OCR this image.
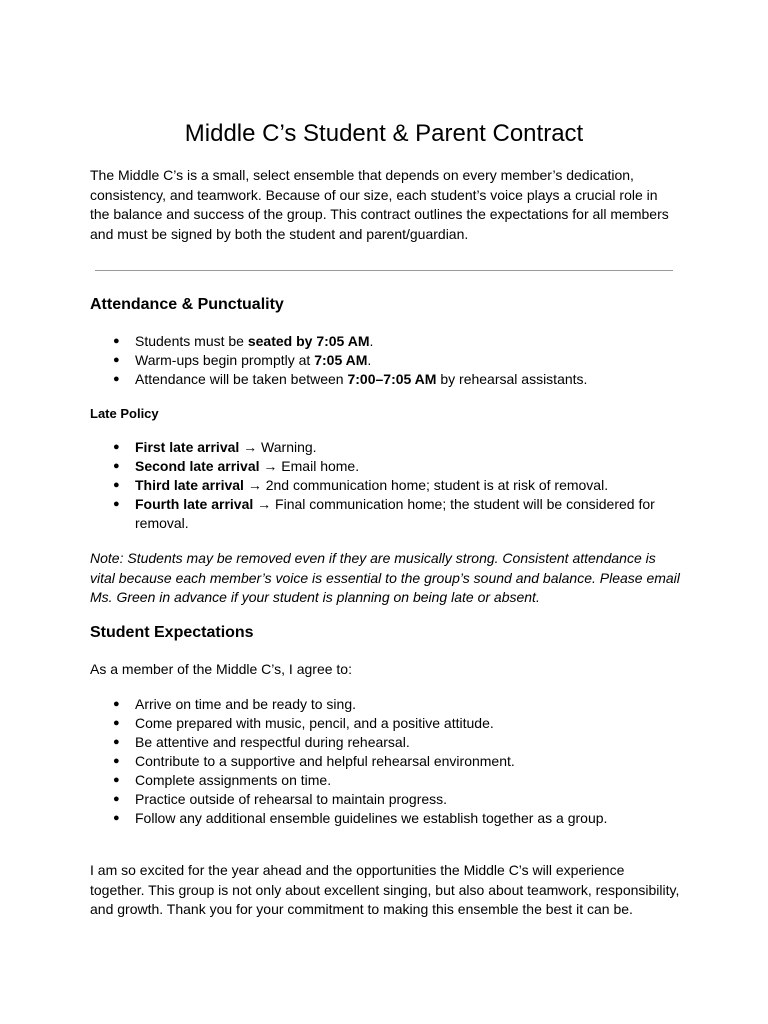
Middle C’s Student & Parent Contract

The Middle C’s is a small, select ensemble that depends on every member’s dedication, consistency, and teamwork. Because of our size, each student’s voice plays a crucial role in the balance and success of the group. This contract outlines the expectations for all members and must be signed by both the student and parent/guardian.

Attendance & Punctuality
● Students must be seated by 7:05 AM.
● Warm-ups begin promptly at 7:05 AM.
● Attendance will be taken between 7:00–7:05 AM by rehearsal assistants.
Late Policy
● First late arrival → Warning.
● Second late arrival → Email home.
● Third late arrival → 2nd communication home; student is at risk of removal.
● Fourth late arrival → Final communication home; the student will be considered for removal.

Note: Students may be removed even if they are musically strong. Consistent attendance is vital because each member’s voice is essential to the group’s sound and balance. Please email Ms. Green in advance if your student is planning on being late or absent.

Student Expectations

As a member of the Middle C’s, I agree to:

● Arrive on time and be ready to sing.
● Come prepared with music, pencil, and a positive attitude.
● Be attentive and respectful during rehearsal.
● Contribute to a supportive and helpful rehearsal environment.
● Complete assignments on time.
● Practice outside of rehearsal to maintain progress.
● Follow any additional ensemble guidelines we establish together as a group.

I am so excited for the year ahead and the opportunities the Middle C’s will experience together. This group is not only about excellent singing, but also about teamwork, responsibility, and growth. Thank you for your commitment to making this ensemble the best it can be.
